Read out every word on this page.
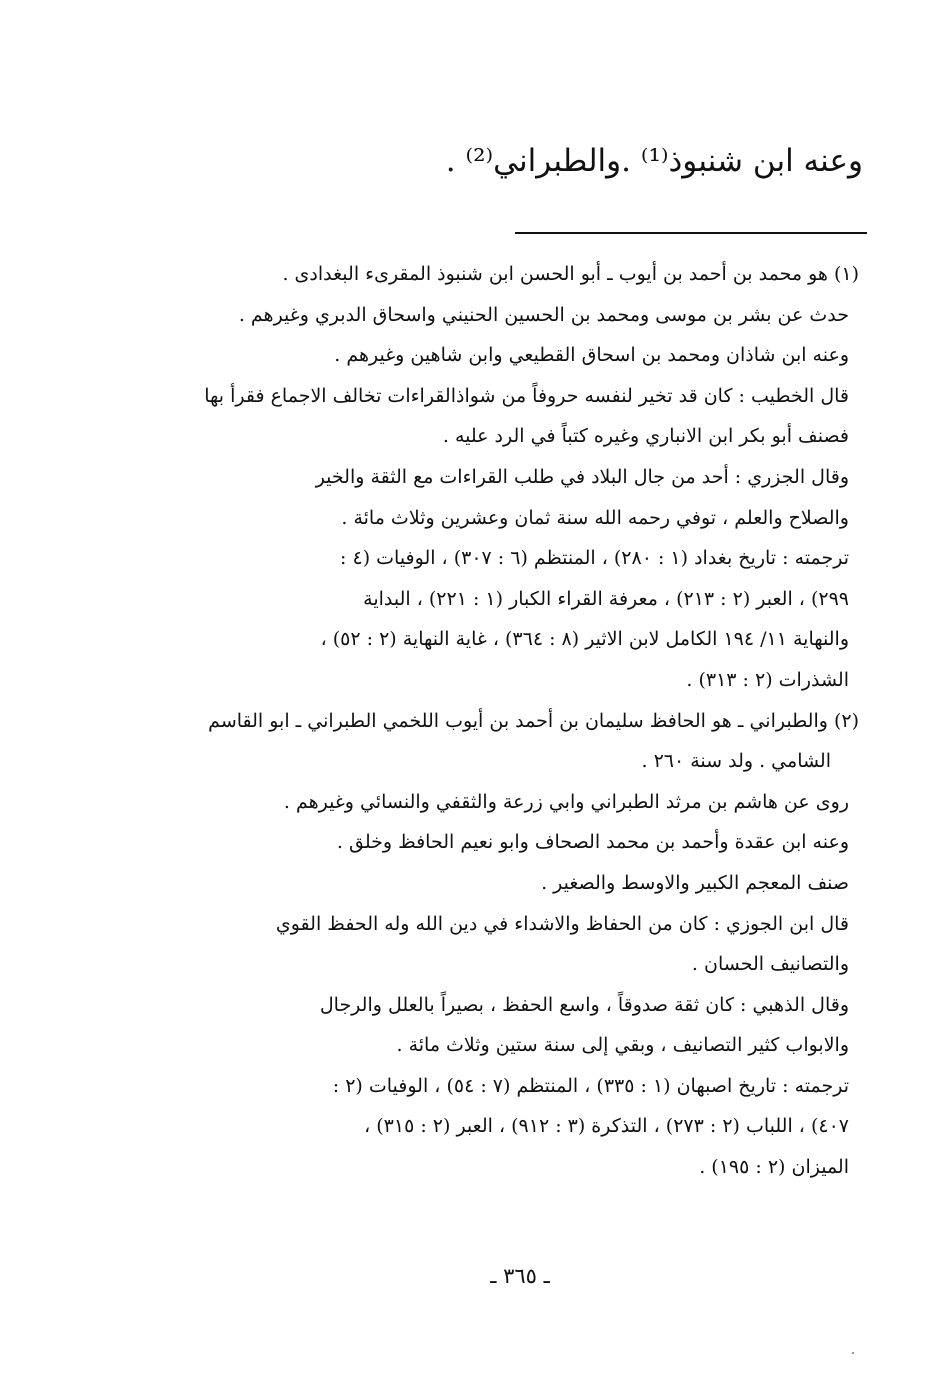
وعنه ابن شنبوذ⁽¹⁾ .والطبراني⁽²⁾ .
(١) هو محمد بن أحمد بن أيوب ـ أبو الحسن ابن شنبوذ المقرىء البغدادى .
حدث عن بشر بن موسى ومحمد بن الحسين الحنيني واسحاق الدبري وغيرهم .
وعنه ابن شاذان ومحمد بن اسحاق القطيعي وابن شاهين وغيرهم .
قال الخطيب : كان قد تخير لنفسه حروفاً من شواذالقراءات تخالف الاجماع فقرأ بها
فصنف أبو بكر ابن الانباري وغيره كتباً في الرد عليه .
وقال الجزري : أحد من جال البلاد في طلب القراءات مع الثقة والخير
والصلاح والعلم ، توفي رحمه الله سنة ثمان وعشرين وثلاث مائة .
ترجمته : تاريخ بغداد (١ : ٢٨٠) ، المنتظم (٦ : ٣٠٧) ، الوفيات (٤ :
٢٩٩) ، العبر (٢ : ٢١٣) ، معرفة القراء الكبار (١ : ٢٢١) ، البداية
والنهاية ١١/ ١٩٤ الكامل لابن الاثير (٨ : ٣٦٤) ، غاية النهاية (٢ : ٥٢) ،
الشذرات (٢ : ٣١٣) .
(٢) والطبراني ـ هو الحافظ سليمان بن أحمد بن أيوب اللخمي الطبراني ـ ابو القاسم
الشامي . ولد سنة ٢٦٠ .
روى عن هاشم بن مرثد الطبراني وابي زرعة والثقفي والنسائي وغيرهم .
وعنه ابن عقدة وأحمد بن محمد الصحاف وابو نعيم الحافظ وخلق .
صنف المعجم الكبير والاوسط والصغير .
قال ابن الجوزي : كان من الحفاظ والاشداء في دين الله وله الحفظ القوي
والتصانيف الحسان .
وقال الذهبي : كان ثقة صدوقاً ، واسع الحفظ ، بصيراً بالعلل والرجال
والابواب كثير التصانيف ، وبقي إلى سنة ستين وثلاث مائة .
ترجمته : تاريخ اصبهان (١ : ٣٣٥) ، المنتظم (٧ : ٥٤) ، الوفيات (٢ :
٤٠٧) ، اللباب (٢ : ٢٧٣) ، التذكرة (٣ : ٩١٢) ، العبر (٢ : ٣١٥) ،
الميزان (٢ : ١٩٥) .
ـ ٣٦٥ ـ
